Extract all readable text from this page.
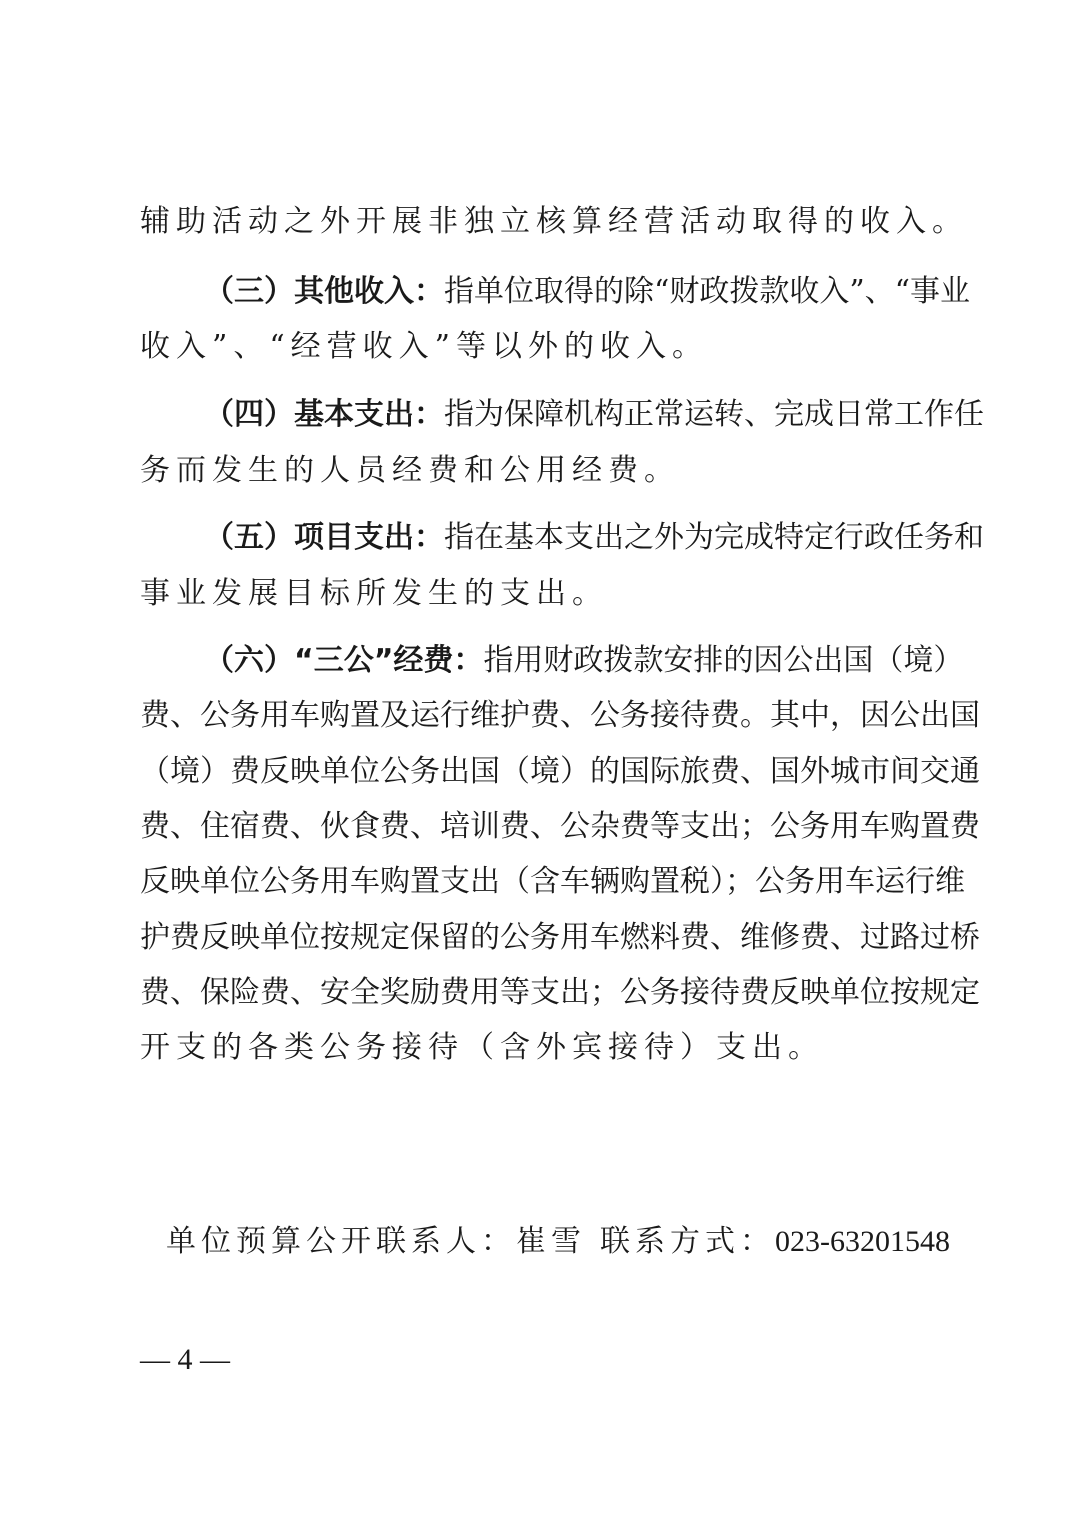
辅助活动之外开展非独立核算经营活动取得的收入。
（三）其他收入：指单位取得的除“财政拨款收入”、“事业
收入”、“经营收入”等以外的收入。
（四）基本支出：指为保障机构正常运转、完成日常工作任
务而发生的人员经费和公用经费。
（五）项目支出：指在基本支出之外为完成特定行政任务和
事业发展目标所发生的支出。
（六）“三公”经费：指用财政拨款安排的因公出国（境）
费、公务用车购置及运行维护费、公务接待费。其中，因公出国
（境）费反映单位公务出国（境）的国际旅费、国外城市间交通
费、住宿费、伙食费、培训费、公杂费等支出；公务用车购置费
反映单位公务用车购置支出（含车辆购置税）；公务用车运行维
护费反映单位按规定保留的公务用车燃料费、维修费、过路过桥
费、保险费、安全奖励费用等支出；公务接待费反映单位按规定
开支的各类公务接待（含外宾接待）支出。
单位预算公开联系人：崔雪 联系方式：023-63201548
— 4 —
